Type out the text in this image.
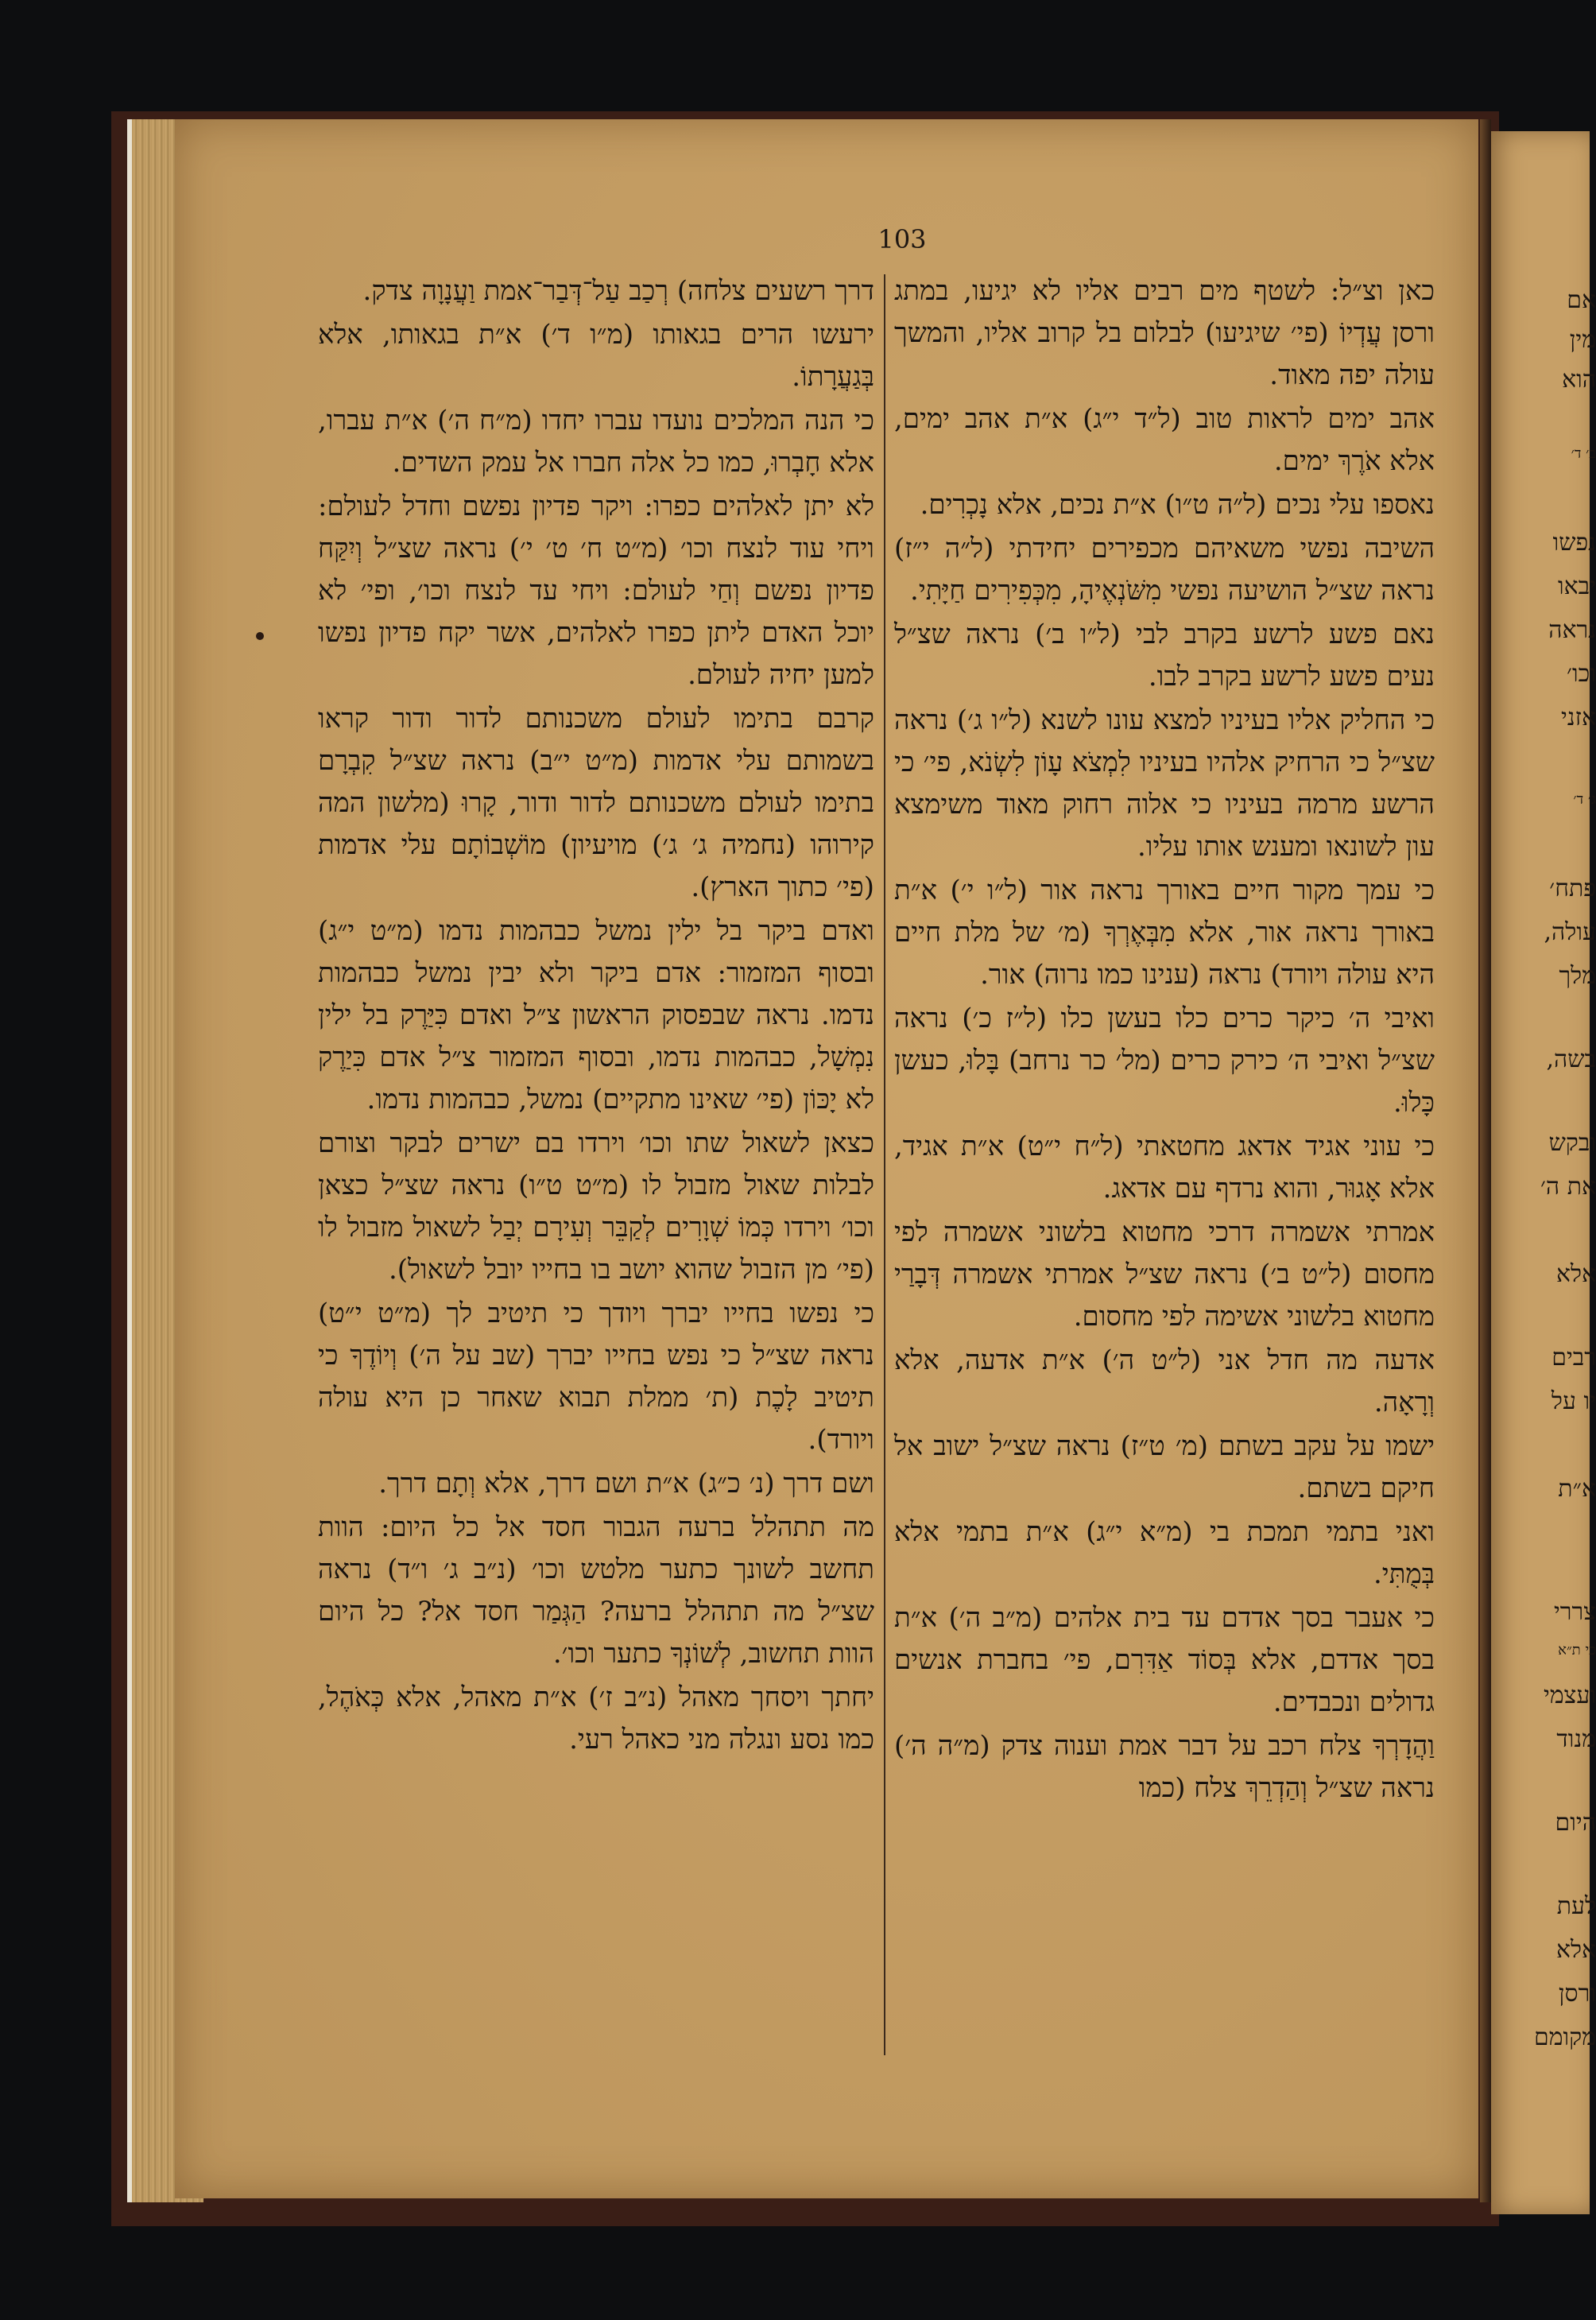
אם
מין
הוא
ב׳ ד׳
נפשו
יבאו
נראה
וכו׳
אזני
ג׳ ד׳
פתח׳
עולה,
מלך
בשה,
ובקש
את ה׳
אלא
רבים
יו על
א״ת
צררי
כי ת״א
ועצמי
מנוד
היום
לעת
אלא
ורסן
מקומם
103

כאן וצ״ל: לשטף מים רבים אליו לא יגיעו, במתג ורסן עֲדְיוֹ (פי׳ שיגיעו) לבלום בל קרוב אליו, והמשך עולה יפה מאוד.

אהב ימים לראות טוב (ל״ד י״ג) א״ת אהב ימים, אלא אֹרֶךְ ימים.

נאספו עלי נכים (ל״ה ט״ו) א״ת נכים, אלא נָכְרִים.

השיבה נפשי משאיהם מכפירים יחידתי (ל״ה י״ז) נראה שצ״ל הושיעה נפשי מִשֹּׁנְאֶיהָ, מִכְּפִירִים חַיָּתִי.

נאם פשע לרשע בקרב לבי (ל״ו ב׳) נראה שצ״ל נעים פשע לרשע בקרב לבו.

כי החליק אליו בעיניו למצא עונו לשנא (ל״ו ג׳) נראה שצ״ל כי הרחיק אלהיו בעיניו לִמְצֹא עָוֹן לִשְׂנֹא, פי׳ כי הרשע מרמה בעיניו כי אלוה רחוק מאוד משימצא עון לשונאו ומענש אותו עליו.

כי עמך מקור חיים באורך נראה אור (ל״ו י׳) א״ת באורך נראה אור, אלא מִבְּאֶרְךָ (מ׳ של מלת חיים היא עולה ויורד) נראה (ענינו כמו נרוה) אור.

ואיבי ה׳ כיקר כרים כלו בעשן כלו (ל״ז כ׳) נראה שצ״ל ואיבי ה׳ כירק כרים (מל׳ כר נרחב) בָּלוּ, כעשן כָּלוּ.

כי עוני אגיד אדאג מחטאתי (ל״ח י״ט) א״ת אגיד, אלא אָגוּר, והוא נרדף עם אדאג.

אמרתי אשמרה דרכי מחטוא בלשוני אשמרה לפי מחסום (ל״ט ב׳) נראה שצ״ל אמרתי אשמרה דְּבָרַי מחטוא בלשוני אשימה לפי מחסום.

אדעה מה חדל אני (ל״ט ה׳) א״ת אדעה, אלא וְרָאָה.

ישמו על עקב בשתם (מ׳ ט״ז) נראה שצ״ל ישוב אל חיקם בשתם.

ואני בתמי תמכת בי (מ״א י״ג) א״ת בתמי אלא בְּמֻתִּי.

כי אעבר בסך אדדם עד בית אלהים (מ״ב ה׳) א״ת בסך אדדם, אלא בְּסוֹד אַדִּרִם, פי׳ בחברת אנשים גדולים ונכבדים.

וַהֲדָרְךָ צלח רכב על דבר אמת וענוה צדק (מ״ה ה׳) נראה שצ״ל וְהַדְרֵךְ צלח (כמו

דרך רשעים צלחה) רְכַב עַל־דְּבַר־אמת וַעֲנָוָה צדק.

ירעשו הרים בגאותו (מ״ו ד׳) א״ת בגאותו, אלא בְּגַעֲרָתוֹ.

כי הנה המלכים נועדו עברו יחדו (מ״ח ה׳) א״ת עברו, אלא חָבְרוּ, כמו כל אלה חברו אל עמק השדים.

לא יתן לאלהים כפרו: ויקר פדיון נפשם וחדל לעולם: ויחי עוד לנצח וכו׳ (מ״ט ח׳ ט׳ י׳) נראה שצ״ל וְיִקַּח פדיון נפשם וְחַי לעולם: ויחי עד לנצח וכו׳, ופי׳ לא יוכל האדם ליתן כפרו לאלהים, אשר יקח פדיון נפשו למען יחיה לעולם.

קרבם בתימו לעולם משכנותם לדור ודור קראו בשמותם עלי אדמות (מ״ט י״ב) נראה שצ״ל קִבְרָם בתימו לעולם משכנותם לדור ודור, קָרוּ (מלשון המה קירוהו (נחמיה ג׳ ג׳) מויעיון) מוֹשְׁבוֹתָם עלי אדמות (פי׳ כתוך הארץ).

ואדם ביקר בל ילין נמשל כבהמות נדמו (מ״ט י״ג) ובסוף המזמור: אדם ביקר ולא יבין נמשל כבהמות נדמו. נראה שבפסוק הראשון צ״ל ואדם כִּיַּרֶק בל ילין נִמְשָׁל, כבהמות נדמו, ובסוף המזמור צ״ל אדם כִּיַרֶק לא יָכּוֹן (פי׳ שאינו מתקיים) נמשל, כבהמות נדמו.

כצאן לשאול שתו וכו׳ וירדו בם ישרים לבקר וצורם לבלות שאול מזבול לו (מ״ט ט״ו) נראה שצ״ל כצאן וכו׳ וירדו כְּמוֹ שְׁוָרִים לְקַבֵּר וְעִירָם יְבַל לשאול מזבול לו (פי׳ מן הזבול שהוא יושב בו בחייו יובל לשאול).

כי נפשו בחייו יברך ויודך כי תיטיב לך (מ״ט י״ט) נראה שצ״ל כי נפש בחייו יברך (שב על ה׳) וְיוֹדֶךָ כי תיטיב לָכֶת (ת׳ ממלת תבוא שאחר כן היא עולה ויורד).

ושם דרך (נ׳ כ״ג) א״ת ושם דרך, אלא וְתָם דרך.

מה תתהלל ברעה הגבור חסד אל כל היום: הוות תחשב לשונך כתער מלטש וכו׳ (נ״ב ג׳ ו״ד) נראה שצ״ל מה תתהלל ברעה? הַגְּמַר חסד אל? כל היום הוות תחשוב, לְשׁוֹנְךָ כתער וכו׳.

יחתך ויסחך מאהל (נ״ב ז׳) א״ת מאהל, אלא כְּאֹהֶל, כמו נסע ונגלה מני כאהל רעי.
